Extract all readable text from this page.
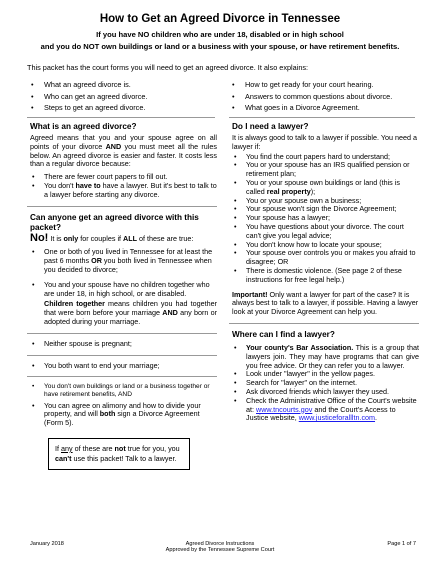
How to Get an Agreed Divorce in Tennessee
If you have NO children who are under 18, disabled or in high school
and you do NOT own buildings or land or a business with your spouse, or have retirement benefits.
This packet has the court forms you will need to get an agreed divorce. It also explains:
• What an agreed divorce is.
• Who can get an agreed divorce.
• Steps to get an agreed divorce.
• How to get ready for your court hearing.
• Answers to common questions about divorce.
• What goes in a Divorce Agreement.
What is an agreed divorce?

Agreed means that you and your spouse agree on all points of your divorce AND you must meet all the rules below. An agreed divorce is easier and faster. It costs less than a regular divorce because:

• There are fewer court papers to fill out.
• You don't have to have a lawyer. But it's best to talk to a lawyer before starting any divorce.
Can anyone get an agreed divorce with this packet?

No! It is only for couples if ALL of these are true:

• One or both of you lived in Tennessee for at least the past 6 months OR you both lived in Tennessee when you decided to divorce;
• You and your spouse have no children together who are under 18, in high school, or are disabled.

Children together means children you had together that were born before your marriage AND any born or adopted during your marriage.

• Neither spouse is pregnant;
• You both want to end your marriage;
• You don't own buildings or land or a business together or have retirement benefits, AND
• You can agree on alimony and how to divide your property, and will both sign a Divorce Agreement (Form 5).
If any of these are not true for you, you can't use this packet! Talk to a lawyer.
Do I need a lawyer?

It is always good to talk to a lawyer if possible. You need a lawyer if:

• You find the court papers hard to understand;
• You or your spouse has an IRS qualified pension or retirement plan;
• You or your spouse own buildings or land (this is called real property);
• You or your spouse own a business;
• Your spouse won't sign the Divorce Agreement;
• Your spouse has a lawyer;
• You have questions about your divorce. The court can't give you legal advice;
• You don't know how to locate your spouse;
• Your spouse over controls you or makes you afraid to disagree; OR
• There is domestic violence. (See page 2 of these instructions for free legal help.)

Important! Only want a lawyer for part of the case? It is always best to talk to a lawyer, if possible. Having a lawyer look at your Divorce Agreement can help you.

Where can I find a lawyer?
• Your county's Bar Association. This is a group that lawyers join. They may have programs that can give you free advice. Or they can refer you to a lawyer.
• Look under "lawyer" in the yellow pages.
• Search for "lawyer" on the internet.
• Ask divorced friends which lawyer they used.
• Check the Administrative Office of the Court's website at: www.tncourts.gov and the Court's Access to Justice website, www.justiceforallltn.com.
January 2018	Agreed Divorce Instructions
Approved by the Tennessee Supreme Court
Page 1 of 7
